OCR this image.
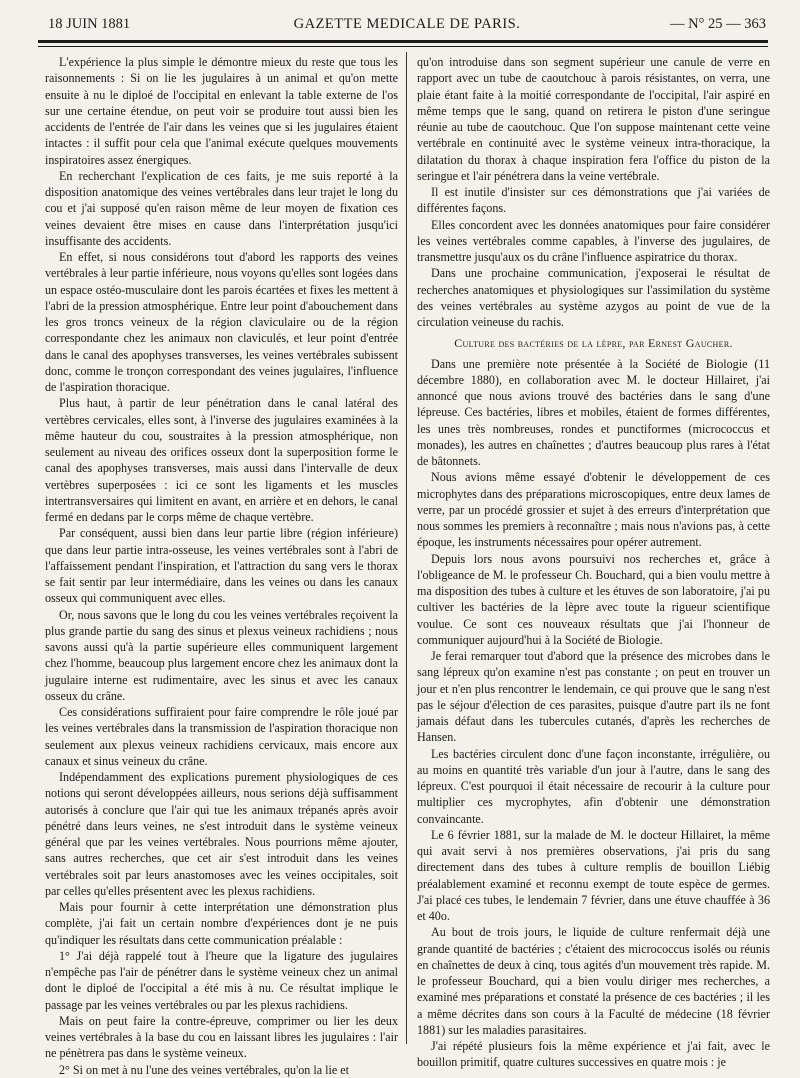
18 JUIN 1881	GAZETTE MEDICALE DE PARIS.	— N° 25 — 363

L'expérience la plus simple le démontre mieux du reste que tous les raisonnements : Si on lie les jugulaires à un animal et qu'on mette ensuite à nu le diploé de l'occipital en enlevant la table externe de l'os sur une certaine étendue, on peut voir se produire tout aussi bien les accidents de l'entrée de l'air dans les veines que si les jugulaires étaient intactes : il suffit pour cela que l'animal exécute quelques mouvements inspiratoires assez énergiques.

En recherchant l'explication de ces faits, je me suis reporté à la disposition anatomique des veines vertébrales dans leur trajet le long du cou et j'ai supposé qu'en raison même de leur moyen de fixation ces veines devaient être mises en cause dans l'interprétation jusqu'ici insuffisante des accidents.

En effet, si nous considérons tout d'abord les rapports des veines vertébrales à leur partie inférieure, nous voyons qu'elles sont logées dans un espace ostéo-musculaire dont les parois écartées et fixes les mettent à l'abri de la pression atmosphérique. Entre leur point d'abouchement dans les gros troncs veineux de la région claviculaire ou de la région correspondante chez les animaux non claviculés, et leur point d'entrée dans le canal des apophyses transverses, les veines vertébrales subissent donc, comme le tronçon correspondant des veines jugulaires, l'influence de l'aspiration thoracique.

Plus haut, à partir de leur pénétration dans le canal latéral des vertèbres cervicales, elles sont, à l'inverse des jugulaires examinées à la même hauteur du cou, soustraites à la pression atmosphérique, non seulement au niveau des orifices osseux dont la superposition forme le canal des apophyses transverses, mais aussi dans l'intervalle de deux vertèbres superposées : ici ce sont les ligaments et les muscles intertransversaires qui limitent en avant, en arrière et en dehors, le canal fermé en dedans par le corps même de chaque vertèbre.

Par conséquent, aussi bien dans leur partie libre (région inférieure) que dans leur partie intra-osseuse, les veines vertébrales sont à l'abri de l'affaissement pendant l'inspiration, et l'attraction du sang vers le thorax se fait sentir par leur intermédiaire, dans les veines ou dans les canaux osseux qui communiquent avec elles.

Or, nous savons que le long du cou les veines vertébrales reçoivent la plus grande partie du sang des sinus et plexus veineux rachidiens ; nous savons aussi qu'à la partie supérieure elles communiquent largement chez l'homme, beaucoup plus largement encore chez les animaux dont la jugulaire interne est rudimentaire, avec les sinus et avec les canaux osseux du crâne.

Ces considérations suffiraient pour faire comprendre le rôle joué par les veines vertébrales dans la transmission de l'aspiration thoracique non seulement aux plexus veineux rachidiens cervicaux, mais encore aux canaux et sinus veineux du crâne.

Indépendamment des explications purement physiologiques de ces notions qui seront développées ailleurs, nous serions déjà suffisamment autorisés à conclure que l'air qui tue les animaux trépanés après avoir pénétré dans leurs veines, ne s'est introduit dans le système veineux général que par les veines vertébrales. Nous pourrions même ajouter, sans autres recherches, que cet air s'est introduit dans les veines vertébrales soit par leurs anastomoses avec les veines occipitales, soit par celles qu'elles présentent avec les plexus rachidiens.

Mais pour fournir à cette interprétation une démonstration plus complète, j'ai fait un certain nombre d'expériences dont je ne puis qu'indiquer les résultats dans cette communication préalable :

1° J'ai déjà rappelé tout à l'heure que la ligature des jugulaires n'empêche pas l'air de pénétrer dans le système veineux chez un animal dont le diploé de l'occipital a été mis à nu. Ce résultat implique le passage par les veines vertébrales ou par les plexus rachidiens.

Mais on peut faire la contre-épreuve, comprimer ou lier les deux veines vertébrales à la base du cou en laissant libres les jugulaires : l'air ne pénètrera pas dans le système veineux.

2° Si on met à nu l'une des veines vertébrales, qu'on la lie et

qu'on introduise dans son segment supérieur une canule de verre en rapport avec un tube de caoutchouc à parois résistantes, on verra, une plaie étant faite à la moitié correspondante de l'occipital, l'air aspiré en même temps que le sang, quand on retirera le piston d'une seringue réunie au tube de caoutchouc. Que l'on suppose maintenant cette veine vertébrale en continuité avec le système veineux intra-thoracique, la dilatation du thorax à chaque inspiration fera l'office du piston de la seringue et l'air pénétrera dans la veine vertébrale.

Il est inutile d'insister sur ces démonstrations que j'ai variées de différentes façons.

Elles concordent avec les données anatomiques pour faire considérer les veines vertébrales comme capables, à l'inverse des jugulaires, de transmettre jusqu'aux os du crâne l'influence aspiratrice du thorax.

Dans une prochaine communication, j'exposerai le résultat de recherches anatomiques et physiologiques sur l'assimilation du système des veines vertébrales au système azygos au point de vue de la circulation veineuse du rachis.

Culture des bactéries de la lèpre, par Ernest Gaucher.

Dans une première note présentée à la Société de Biologie (11 décembre 1880), en collaboration avec M. le docteur Hillairet, j'ai annoncé que nous avions trouvé des bactéries dans le sang d'une lépreuse. Ces bactéries, libres et mobiles, étaient de formes différentes, les unes très nombreuses, rondes et punctiformes (micrococcus et monades), les autres en chaînettes ; d'autres beaucoup plus rares à l'état de bâtonnets.

Nous avions même essayé d'obtenir le développement de ces microphytes dans des préparations microscopiques, entre deux lames de verre, par un procédé grossier et sujet à des erreurs d'interprétation que nous sommes les premiers à reconnaître ; mais nous n'avions pas, à cette époque, les instruments nécessaires pour opérer autrement.

Depuis lors nous avons poursuivi nos recherches et, grâce à l'obligeance de M. le professeur Ch. Bouchard, qui a bien voulu mettre à ma disposition des tubes à culture et les étuves de son laboratoire, j'ai pu cultiver les bactéries de la lèpre avec toute la rigueur scientifique voulue. Ce sont ces nouveaux résultats que j'ai l'honneur de communiquer aujourd'hui à la Société de Biologie.

Je ferai remarquer tout d'abord que la présence des microbes dans le sang lépreux qu'on examine n'est pas constante ; on peut en trouver un jour et n'en plus rencontrer le lendemain, ce qui prouve que le sang n'est pas le séjour d'élection de ces parasites, puisque d'autre part ils ne font jamais défaut dans les tubercules cutanés, d'après les recherches de Hansen.

Les bactéries circulent donc d'une façon inconstante, irrégulière, ou au moins en quantité très variable d'un jour à l'autre, dans le sang des lépreux. C'est pourquoi il était nécessaire de recourir à la culture pour multiplier ces mycrophytes, afin d'obtenir une démonstration convaincante.

Le 6 février 1881, sur la malade de M. le docteur Hillairet, la même qui avait servi à nos premières observations, j'ai pris du sang directement dans des tubes à culture remplis de bouillon Liébig préalablement examiné et reconnu exempt de toute espèce de germes. J'ai placé ces tubes, le lendemain 7 février, dans une étuve chauffée à 36 et 40o.

Au bout de trois jours, le liquide de culture renfermait déjà une grande quantité de bactéries ; c'étaient des micrococcus isolés ou réunis en chaînettes de deux à cinq, tous agités d'un mouvement très rapide. M. le professeur Bouchard, qui a bien voulu diriger mes recherches, a examiné mes préparations et constaté la présence de ces bactéries ; il les a même décrites dans son cours à la Faculté de médecine (18 février 1881) sur les maladies parasitaires.

J'ai répété plusieurs fois la même expérience et j'ai fait, avec le bouillon primitif, quatre cultures successives en quatre mois : je
